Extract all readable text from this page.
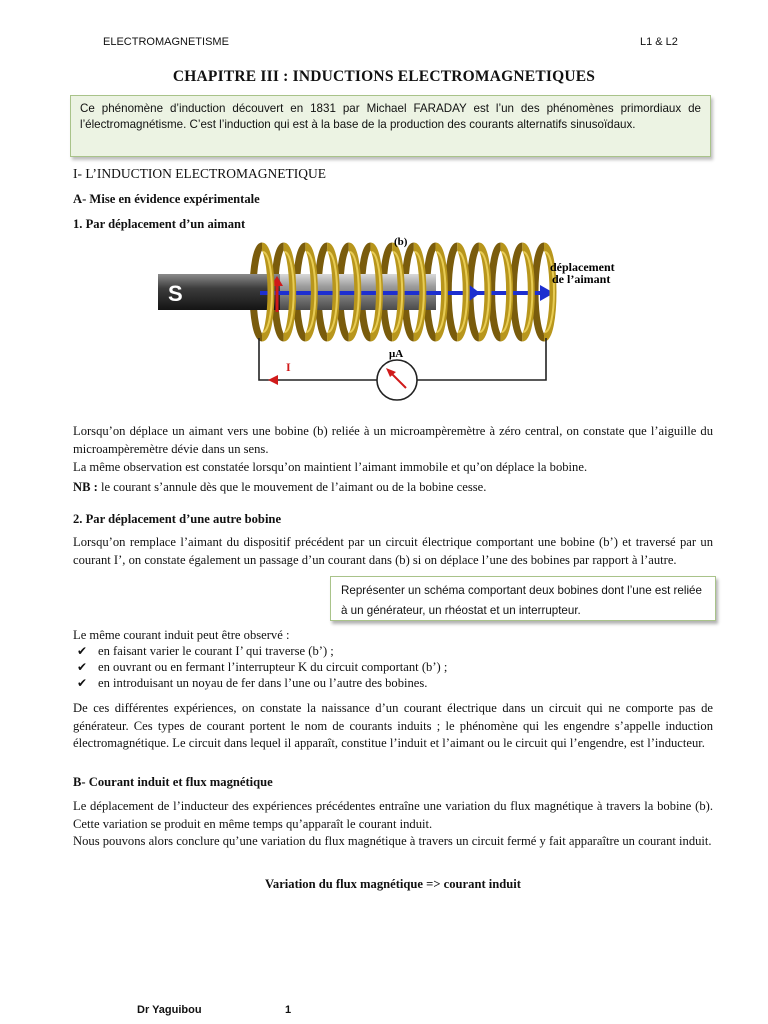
ELECTROMAGNETISME	L1 & L2
CHAPITRE III : INDUCTIONS ELECTROMAGNETIQUES
Ce phénomène d’induction découvert en 1831 par Michael FARADAY est l’un des phénomènes primordiaux de l’électromagnétisme. C’est l’induction qui est à la base de la production des courants alternatifs sinusoïdaux.
I- L’INDUCTION ELECTROMAGNETIQUE
A- Mise en évidence expérimentale
1. Par déplacement d’un aimant
S
(b)
déplacement
de l’aimant
I
μA
Lorsqu’on déplace un aimant vers une bobine (b) reliée à un microampèremètre à zéro central, on constate que l’aiguille du microampèremètre dévie dans un sens.
La même observation est constatée lorsqu’on maintient l’aimant immobile et qu’on déplace la bobine.
NB : le courant s’annule dès que le mouvement de l’aimant ou de la bobine cesse.
2. Par déplacement d’une autre bobine
Lorsqu’on remplace l’aimant du dispositif précédent par un circuit électrique comportant une bobine (b’) et traversé par un courant I’, on constate également un passage d’un courant dans (b) si on déplace l’une des bobines par rapport à l’autre.
Représenter un schéma comportant deux bobines dont l’une est reliée à un générateur, un rhéostat et un interrupteur.
Le même courant induit peut être observé :
✔ en faisant varier le courant I’ qui traverse (b’) ;
✔ en ouvrant ou en fermant l’interrupteur K du circuit comportant (b’) ;
✔ en introduisant un noyau de fer dans l’une ou l’autre des bobines.
De ces différentes expériences, on constate la naissance d’un courant électrique dans un circuit qui ne comporte pas de générateur. Ces types de courant portent le nom de courants induits ; le phénomène qui les engendre s’appelle induction électromagnétique. Le circuit dans lequel il apparaît, constitue l’induit et l’aimant ou le circuit qui l’engendre, est l’inducteur.
B- Courant induit et flux magnétique
Le déplacement de l’inducteur des expériences précédentes entraîne une variation du flux magnétique à travers la bobine (b). Cette variation se produit en même temps qu’apparaît le courant induit.
Nous pouvons alors conclure qu’une variation du flux magnétique à travers un circuit fermé y fait apparaître un courant induit.
Variation du flux magnétique => courant induit
Dr Yaguibou	1
